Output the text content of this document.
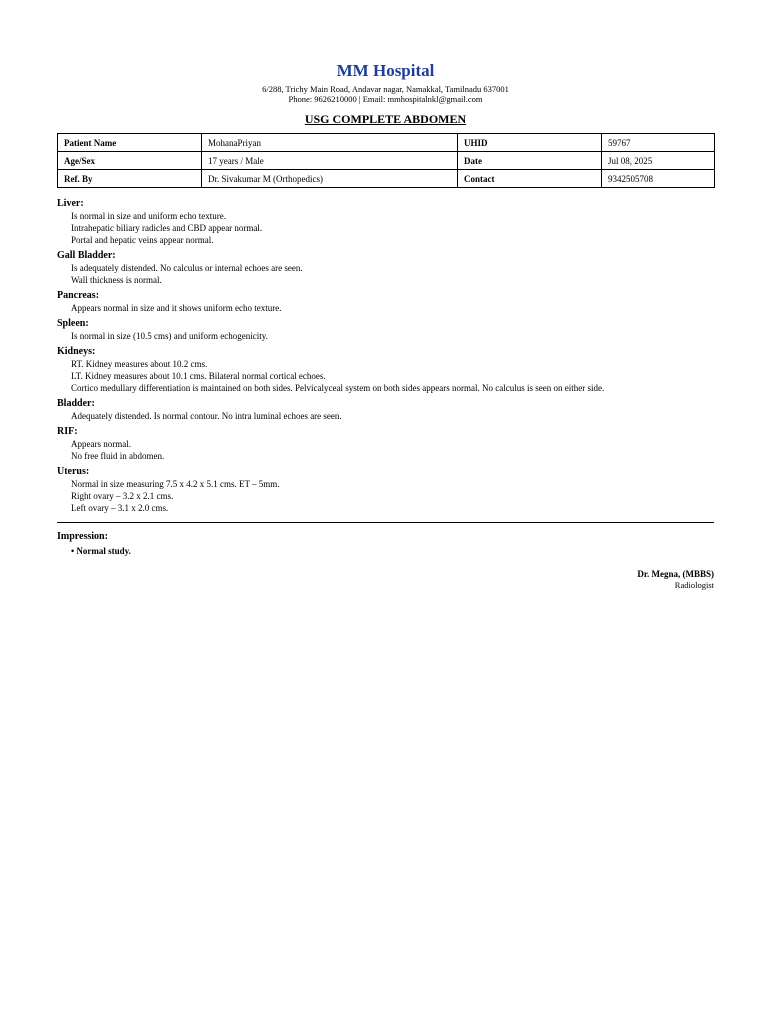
MM Hospital
6/288, Trichy Main Road, Andavar nagar, Namakkal, Tamilnadu 637001
Phone: 9626210000 | Email: mmhospitalnkl@gmail.com
USG COMPLETE ABDOMEN
Patient Name	MohanaPriyan	UHID	59767
Age/Sex	17 years / Male	Date	Jul 08, 2025
Ref. By	Dr. Sivakumar M (Orthopedics)	Contact	9342505708
Liver:
Is normal in size and uniform echo texture.
Intrahepatic biliary radicles and CBD appear normal.
Portal and hepatic veins appear normal.
Gall Bladder:
Is adequately distended. No calculus or internal echoes are seen.
Wall thickness is normal.
Pancreas:
Appears normal in size and it shows uniform echo texture.
Spleen:
Is normal in size (10.5 cms) and uniform echogenicity.
Kidneys:
RT. Kidney measures about 10.2 cms.
LT. Kidney measures about 10.1 cms. Bilateral normal cortical echoes.
Cortico medullary differentiation is maintained on both sides. Pelvicalyceal system on both sides appears normal. No calculus is seen on either side.
Bladder:
Adequately distended. Is normal contour. No intra luminal echoes are seen.
RIF:
Appears normal.
No free fluid in abdomen.
Uterus:
Normal in size measuring 7.5 x 4.2 x 5.1 cms. ET – 5mm.
Right ovary – 3.2 x 2.1 cms.
Left ovary – 3.1 x 2.0 cms.
Impression:
• Normal study.
Dr. Megna, (MBBS)
Radiologist
